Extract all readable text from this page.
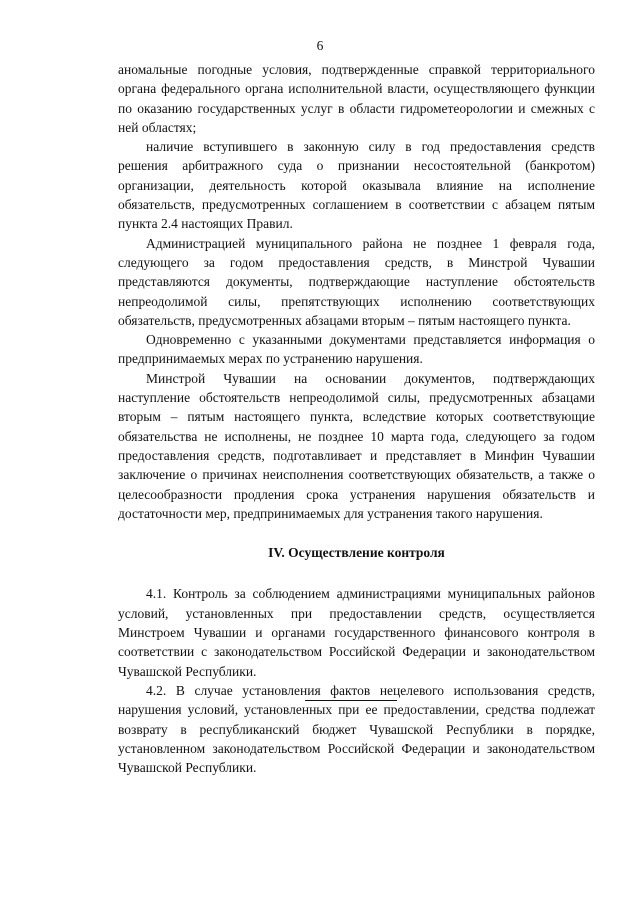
6

аномальные погодные условия, подтвержденные справкой территориального органа федерального органа исполнительной власти, осуществляющего функции по оказанию государственных услуг в области гидрометеорологии и смежных с ней областях;

наличие вступившего в законную силу в год предоставления средств решения арбитражного суда о признании несостоятельной (банкротом) организации, деятельность которой оказывала влияние на исполнение обязательств, предусмотренных соглашением в соответствии с абзацем пятым пункта 2.4 настоящих Правил.

Администрацией муниципального района не позднее 1 февраля года, следующего за годом предоставления средств, в Минстрой Чувашии представляются документы, подтверждающие наступление обстоятельств непреодолимой силы, препятствующих исполнению соответствующих обязательств, предусмотренных абзацами вторым – пятым настоящего пункта.

Одновременно с указанными документами представляется информация о предпринимаемых мерах по устранению нарушения.

Минстрой Чувашии на основании документов, подтверждающих наступление обстоятельств непреодолимой силы, предусмотренных абзацами вторым – пятым настоящего пункта, вследствие которых соответствующие обязательства не исполнены, не позднее 10 марта года, следующего за годом предоставления средств, подготавливает и представляет в Минфин Чувашии заключение о причинах неисполнения соответствующих обязательств, а также о целесообразности продления срока устранения нарушения обязательств и достаточности мер, предпринимаемых для устранения такого нарушения.

IV. Осуществление контроля

4.1. Контроль за соблюдением администрациями муниципальных районов условий, установленных при предоставлении средств, осуществляется Минстроем Чувашии и органами государственного финансового контроля в соответствии с законодательством Российской Федерации и законодательством Чувашской Республики.

4.2. В случае установления фактов нецелевого использования средств, нарушения условий, установленных при ее предоставлении, средства подлежат возврату в республиканский бюджет Чувашской Республики в порядке, установленном законодательством Российской Федерации и законодательством Чувашской Республики.
